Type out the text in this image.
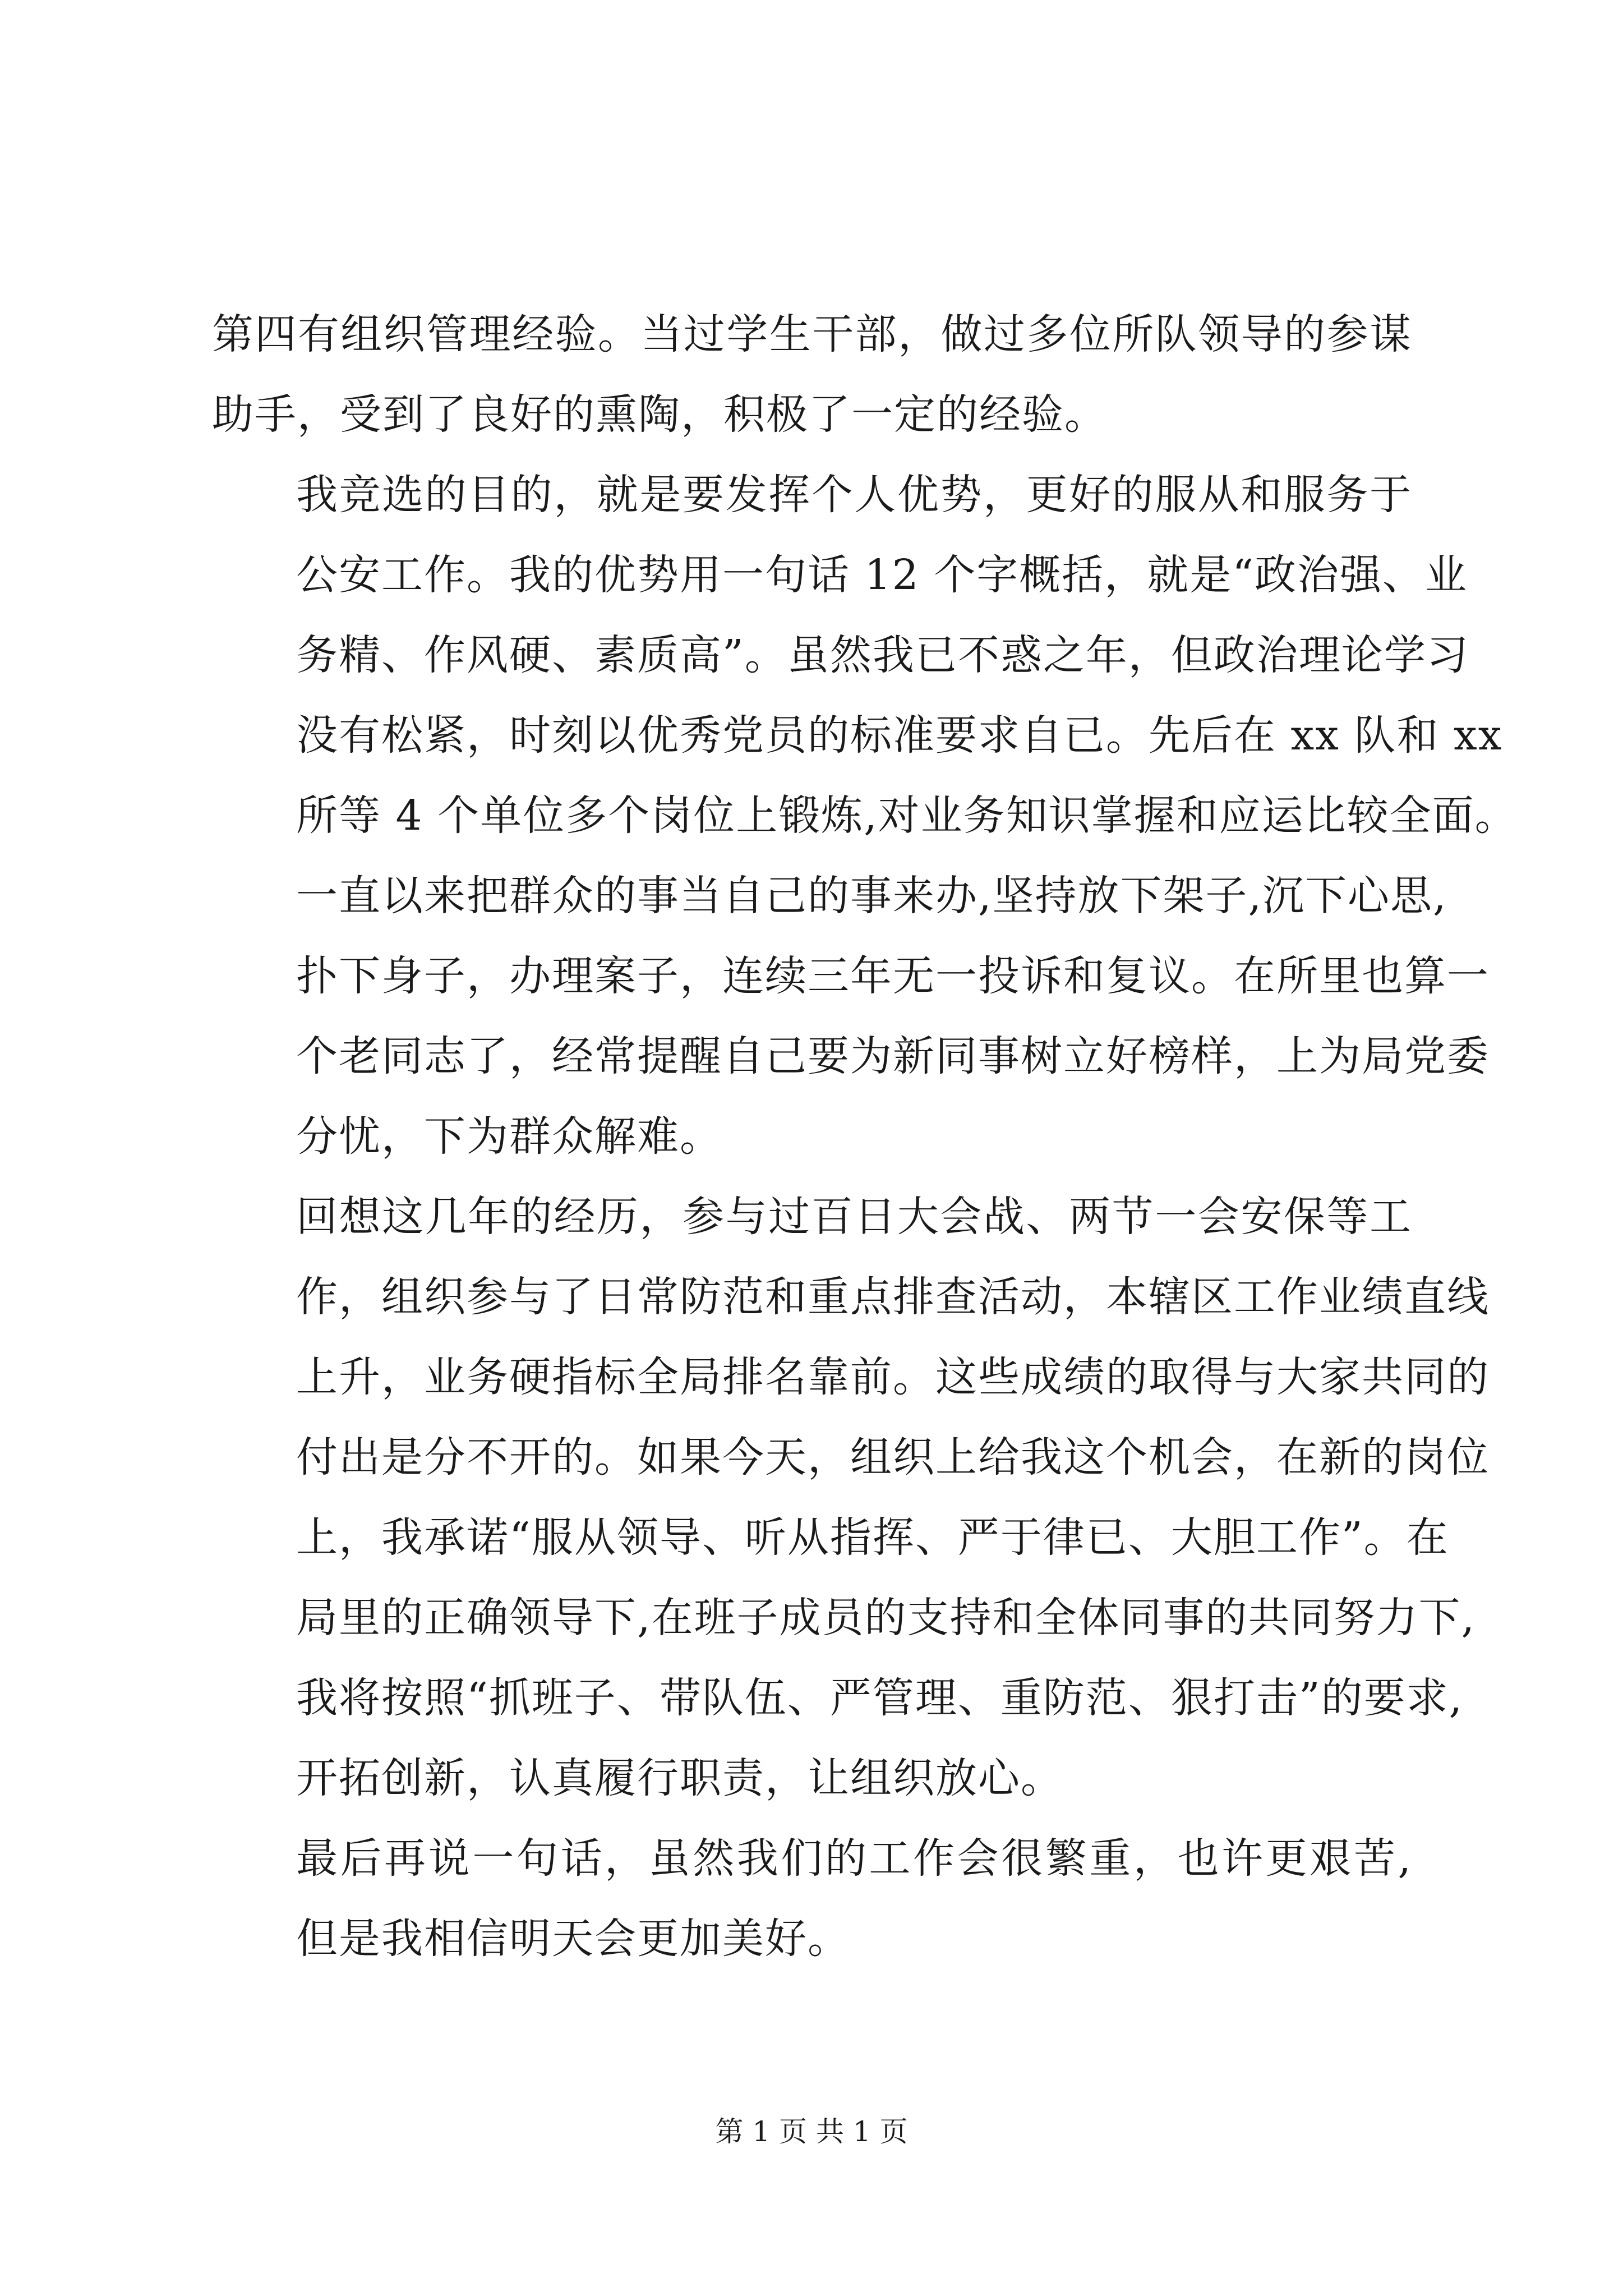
第四有组织管理经验。当过学生干部，做过多位所队领导的参谋
助手，受到了良好的熏陶，积极了一定的经验。

我竞选的目的，就是要发挥个人优势，更好的服从和服务于
公安工作。我的优势用一句话 12 个字概括，就是“政治强、业
务精、作风硬、素质高”。虽然我已不惑之年，但政治理论学习
没有松紧，时刻以优秀党员的标准要求自已。先后在 xx 队和 xx
所等 4 个单位多个岗位上锻炼,对业务知识掌握和应运比较全面。
一直以来把群众的事当自己的事来办,坚持放下架子,沉下心思,
扑下身子，办理案子，连续三年无一投诉和复议。在所里也算一
个老同志了，经常提醒自己要为新同事树立好榜样，上为局党委
分忧，下为群众解难。

回想这几年的经历，参与过百日大会战、两节一会安保等工
作，组织参与了日常防范和重点排查活动，本辖区工作业绩直线
上升，业务硬指标全局排名靠前。这些成绩的取得与大家共同的
付出是分不开的。如果今天，组织上给我这个机会，在新的岗位
上，我承诺“服从领导、听从指挥、严于律已、大胆工作”。在
局里的正确领导下,在班子成员的支持和全体同事的共同努力下,
我将按照“抓班子、带队伍、严管理、重防范、狠打击”的要求,
开拓创新，认真履行职责，让组织放心。

最后再说一句话，虽然我们的工作会很繁重，也许更艰苦,
但是我相信明天会更加美好。

第 1 页 共 1 页
